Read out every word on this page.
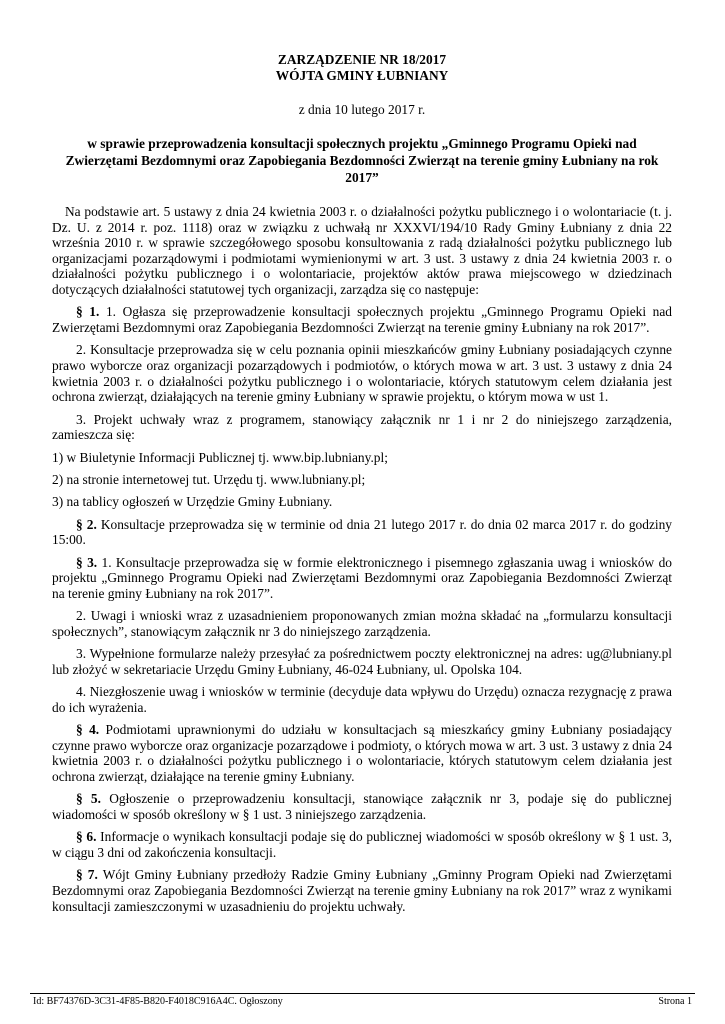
ZARZĄDZENIE NR 18/2017
WÓJTA GMINY ŁUBNIANY
z dnia 10 lutego 2017 r.
w sprawie przeprowadzenia konsultacji społecznych projektu „Gminnego Programu Opieki nad Zwierzętami Bezdomnymi oraz Zapobiegania Bezdomności Zwierząt na terenie gminy Łubniany na rok 2017”

Na podstawie art. 5 ustawy z dnia 24 kwietnia 2003 r. o działalności pożytku publicznego i o wolontariacie (t. j. Dz. U. z 2014 r. poz. 1118) oraz w związku z uchwałą nr XXXVI/194/10 Rady Gminy Łubniany z dnia 22 września 2010 r. w sprawie szczegółowego sposobu konsultowania z radą działalności pożytku publicznego lub organizacjami pozarządowymi i podmiotami wymienionymi w art. 3 ust. 3 ustawy z dnia 24 kwietnia 2003 r. o działalności pożytku publicznego i o wolontariacie, projektów aktów prawa miejscowego w dziedzinach dotyczących działalności statutowej tych organizacji, zarządza się co następuje:

§ 1. 1. Ogłasza się przeprowadzenie konsultacji społecznych projektu „Gminnego Programu Opieki nad Zwierzętami Bezdomnymi oraz Zapobiegania Bezdomności Zwierząt na terenie gminy Łubniany na rok 2017”.

2. Konsultacje przeprowadza się w celu poznania opinii mieszkańców gminy Łubniany posiadających czynne prawo wyborcze oraz organizacji pozarządowych i podmiotów, o których mowa w art. 3 ust. 3 ustawy z dnia 24 kwietnia 2003 r. o działalności pożytku publicznego i o wolontariacie, których statutowym celem działania jest ochrona zwierząt, działających na terenie gminy Łubniany w sprawie projektu, o którym mowa w ust 1.

3. Projekt uchwały wraz z programem, stanowiący załącznik nr 1 i nr 2 do niniejszego zarządzenia, zamieszcza się:

1) w Biuletynie Informacji Publicznej tj. www.bip.lubniany.pl;

2) na stronie internetowej tut. Urzędu tj. www.lubniany.pl;

3) na tablicy ogłoszeń w Urzędzie Gminy Łubniany.

§ 2. Konsultacje przeprowadza się w terminie od dnia 21 lutego 2017 r. do dnia 02 marca 2017 r. do godziny 15:00.

§ 3. 1. Konsultacje przeprowadza się w formie elektronicznego i pisemnego zgłaszania uwag i wniosków do projektu „Gminnego Programu Opieki nad Zwierzętami Bezdomnymi oraz Zapobiegania Bezdomności Zwierząt na terenie gminy Łubniany na rok 2017”.

2. Uwagi i wnioski wraz z uzasadnieniem proponowanych zmian można składać na „formularzu konsultacji społecznych”, stanowiącym załącznik nr 3 do niniejszego zarządzenia.

3. Wypełnione formularze należy przesyłać za pośrednictwem poczty elektronicznej na adres: ug@lubniany.pl lub złożyć w sekretariacie Urzędu Gminy Łubniany, 46-024 Łubniany, ul. Opolska 104.

4. Niezgłoszenie uwag i wniosków w terminie (decyduje data wpływu do Urzędu) oznacza rezygnację z prawa do ich wyrażenia.

§ 4. Podmiotami uprawnionymi do udziału w konsultacjach są mieszkańcy gminy Łubniany posiadający czynne prawo wyborcze oraz organizacje pozarządowe i podmioty, o których mowa w art. 3 ust. 3 ustawy z dnia 24 kwietnia 2003 r. o działalności pożytku publicznego i o wolontariacie, których statutowym celem działania jest ochrona zwierząt, działające na terenie gminy Łubniany.

§ 5. Ogłoszenie o przeprowadzeniu konsultacji, stanowiące załącznik nr 3, podaje się do publicznej wiadomości w sposób określony w § 1 ust. 3 niniejszego zarządzenia.

§ 6. Informacje o wynikach konsultacji podaje się do publicznej wiadomości w sposób określony w § 1 ust. 3, w ciągu 3 dni od zakończenia konsultacji.

§ 7. Wójt Gminy Łubniany przedłoży Radzie Gminy Łubniany „Gminny Program Opieki nad Zwierzętami Bezdomnymi oraz Zapobiegania Bezdomności Zwierząt na terenie gminy Łubniany na rok 2017” wraz z wynikami konsultacji zamieszczonymi w uzasadnieniu do projektu uchwały.

Id: BF74376D-3C31-4F85-B820-F4018C916A4C. Ogłoszony	Strona 1
